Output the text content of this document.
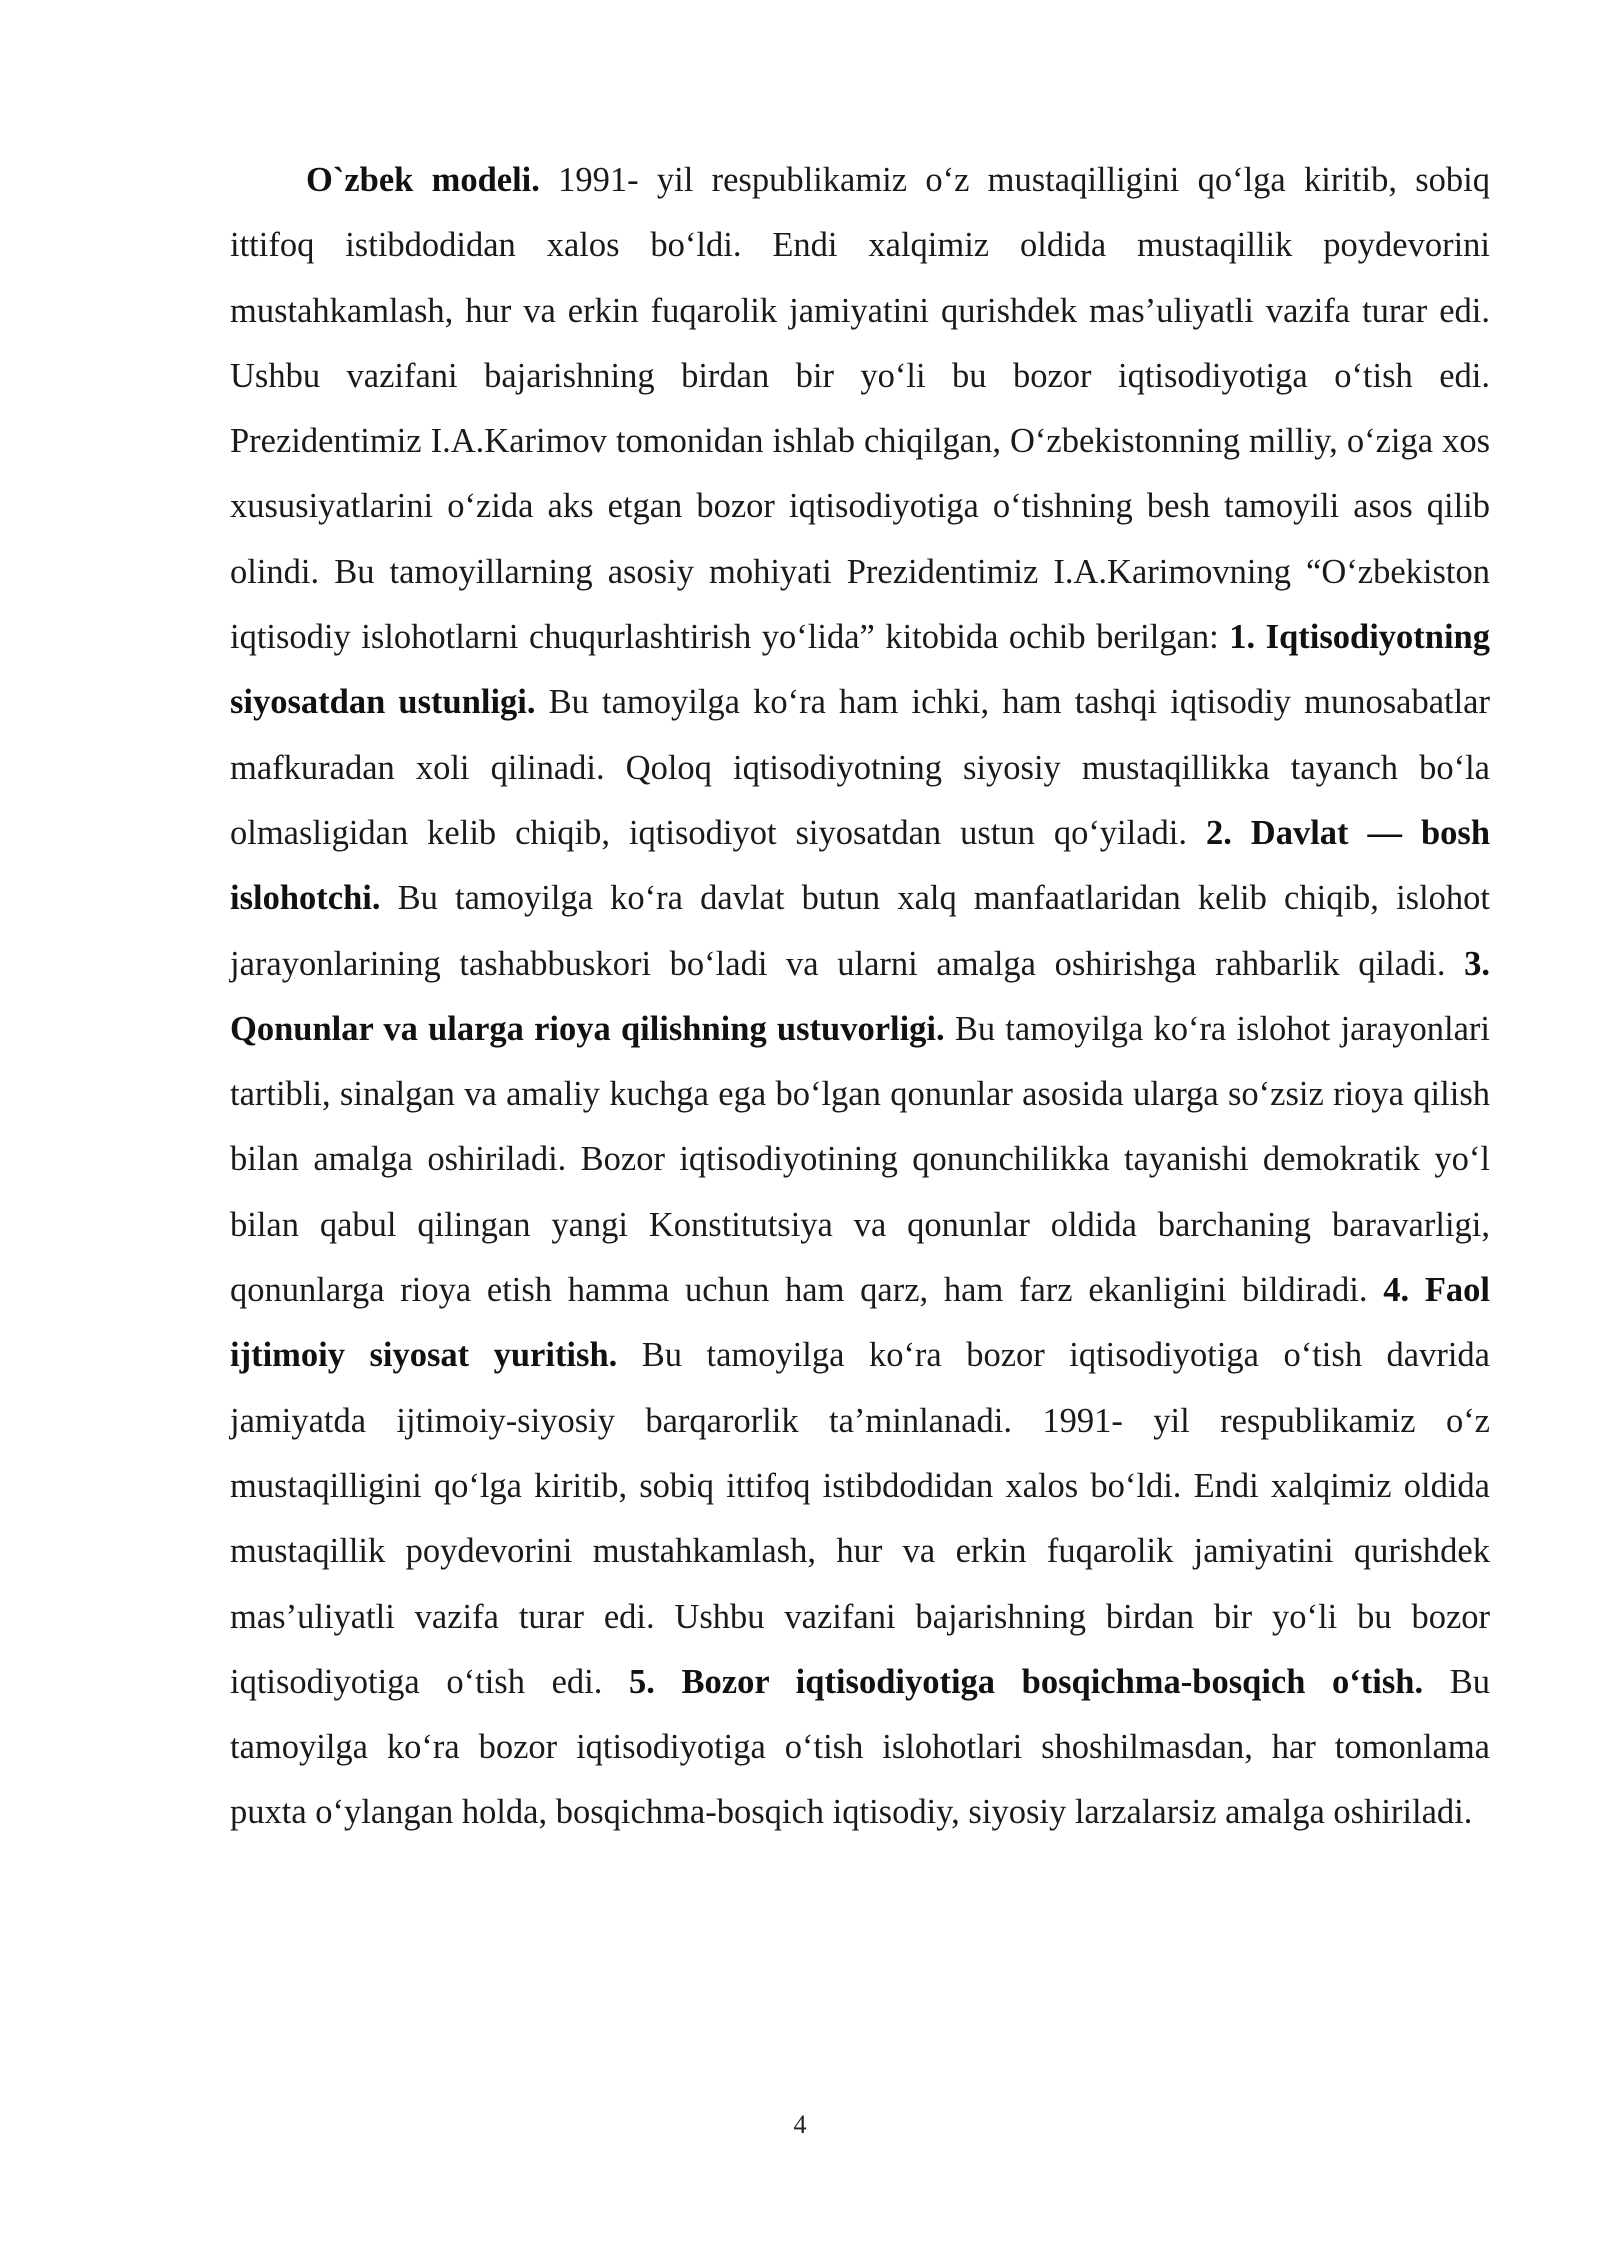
O`zbek modeli. 1991- yil respublikamiz o‘z mustaqilligini qo‘lga kiritib, sobiq ittifoq istibdodidan xalos bo‘ldi. Endi xalqimiz oldida mustaqillik poydevorini mustahkamlash, hur va erkin fuqarolik jamiyatini qurishdek mas’uliyatli vazifa turar edi. Ushbu vazifani bajarishning birdan bir yo‘li bu bozor iqtisodiyotiga o‘tish edi. Prezidentimiz I.A.Karimov tomonidan ishlab chiqilgan, O‘zbekistonning milliy, o‘ziga xos xususiyatlarini o‘zida aks etgan bozor iqtisodiyotiga o‘tishning besh tamoyili asos qilib olindi. Bu tamoyillarning asosiy mohiyati Prezidentimiz I.A.Karimovning “O‘zbekiston iqtisodiy islohotlarni chuqurlashtirish yo‘lida” kitobida ochib berilgan: 1. Iqtisodiyotning siyosatdan ustunligi. Bu tamoyilga ko‘ra ham ichki, ham tashqi iqtisodiy munosabatlar mafkuradan xoli qilinadi. Qoloq iqtisodiyotning siyosiy mustaqillikka tayanch bo‘la olmasligidan kelib chiqib, iqtisodiyot siyosatdan ustun qo‘yiladi. 2. Davlat — bosh islohotchi. Bu tamoyilga ko‘ra davlat butun xalq manfaatlaridan kelib chiqib, islohot jarayonlarining tashabbuskori bo‘ladi va ularni amalga oshirishga rahbarlik qiladi. 3. Qonunlar va ularga rioya qilishning ustuvorligi. Bu tamoyilga ko‘ra islohot jarayonlari tartibli, sinalgan va amaliy kuchga ega bo‘lgan qonunlar asosida ularga so‘zsiz rioya qilish bilan amalga oshiriladi. Bozor iqtisodiyotining qonunchilikka tayanishi demokratik yo‘l bilan qabul qilingan yangi Konstitutsiya va qonunlar oldida barchaning baravarligi, qonunlarga rioya etish hamma uchun ham qarz, ham farz ekanligini bildiradi. 4. Faol ijtimoiy siyosat yuritish. Bu tamoyilga ko‘ra bozor iqtisodiyotiga o‘tish davrida jamiyatda ijtimoiy-siyosiy barqarorlik ta’minlanadi. 1991- yil respublikamiz o‘z mustaqilligini qo‘lga kiritib, sobiq ittifoq istibdodidan xalos bo‘ldi. Endi xalqimiz oldida mustaqillik poydevorini mustahkamlash, hur va erkin fuqarolik jamiyatini qurishdek mas’uliyatli vazifa turar edi. Ushbu vazifani bajarishning birdan bir yo‘li bu bozor iqtisodiyotiga o‘tish edi. 5. Bozor iqtisodiyotiga bosqichma-bosqich o‘tish. Bu tamoyilga ko‘ra bozor iqtisodiyotiga o‘tish islohotlari shoshilmasdan, har tomonlama puxta o‘ylangan holda, bosqichma-bosqich iqtisodiy, siyosiy larzalarsiz amalga oshiriladi.

4
